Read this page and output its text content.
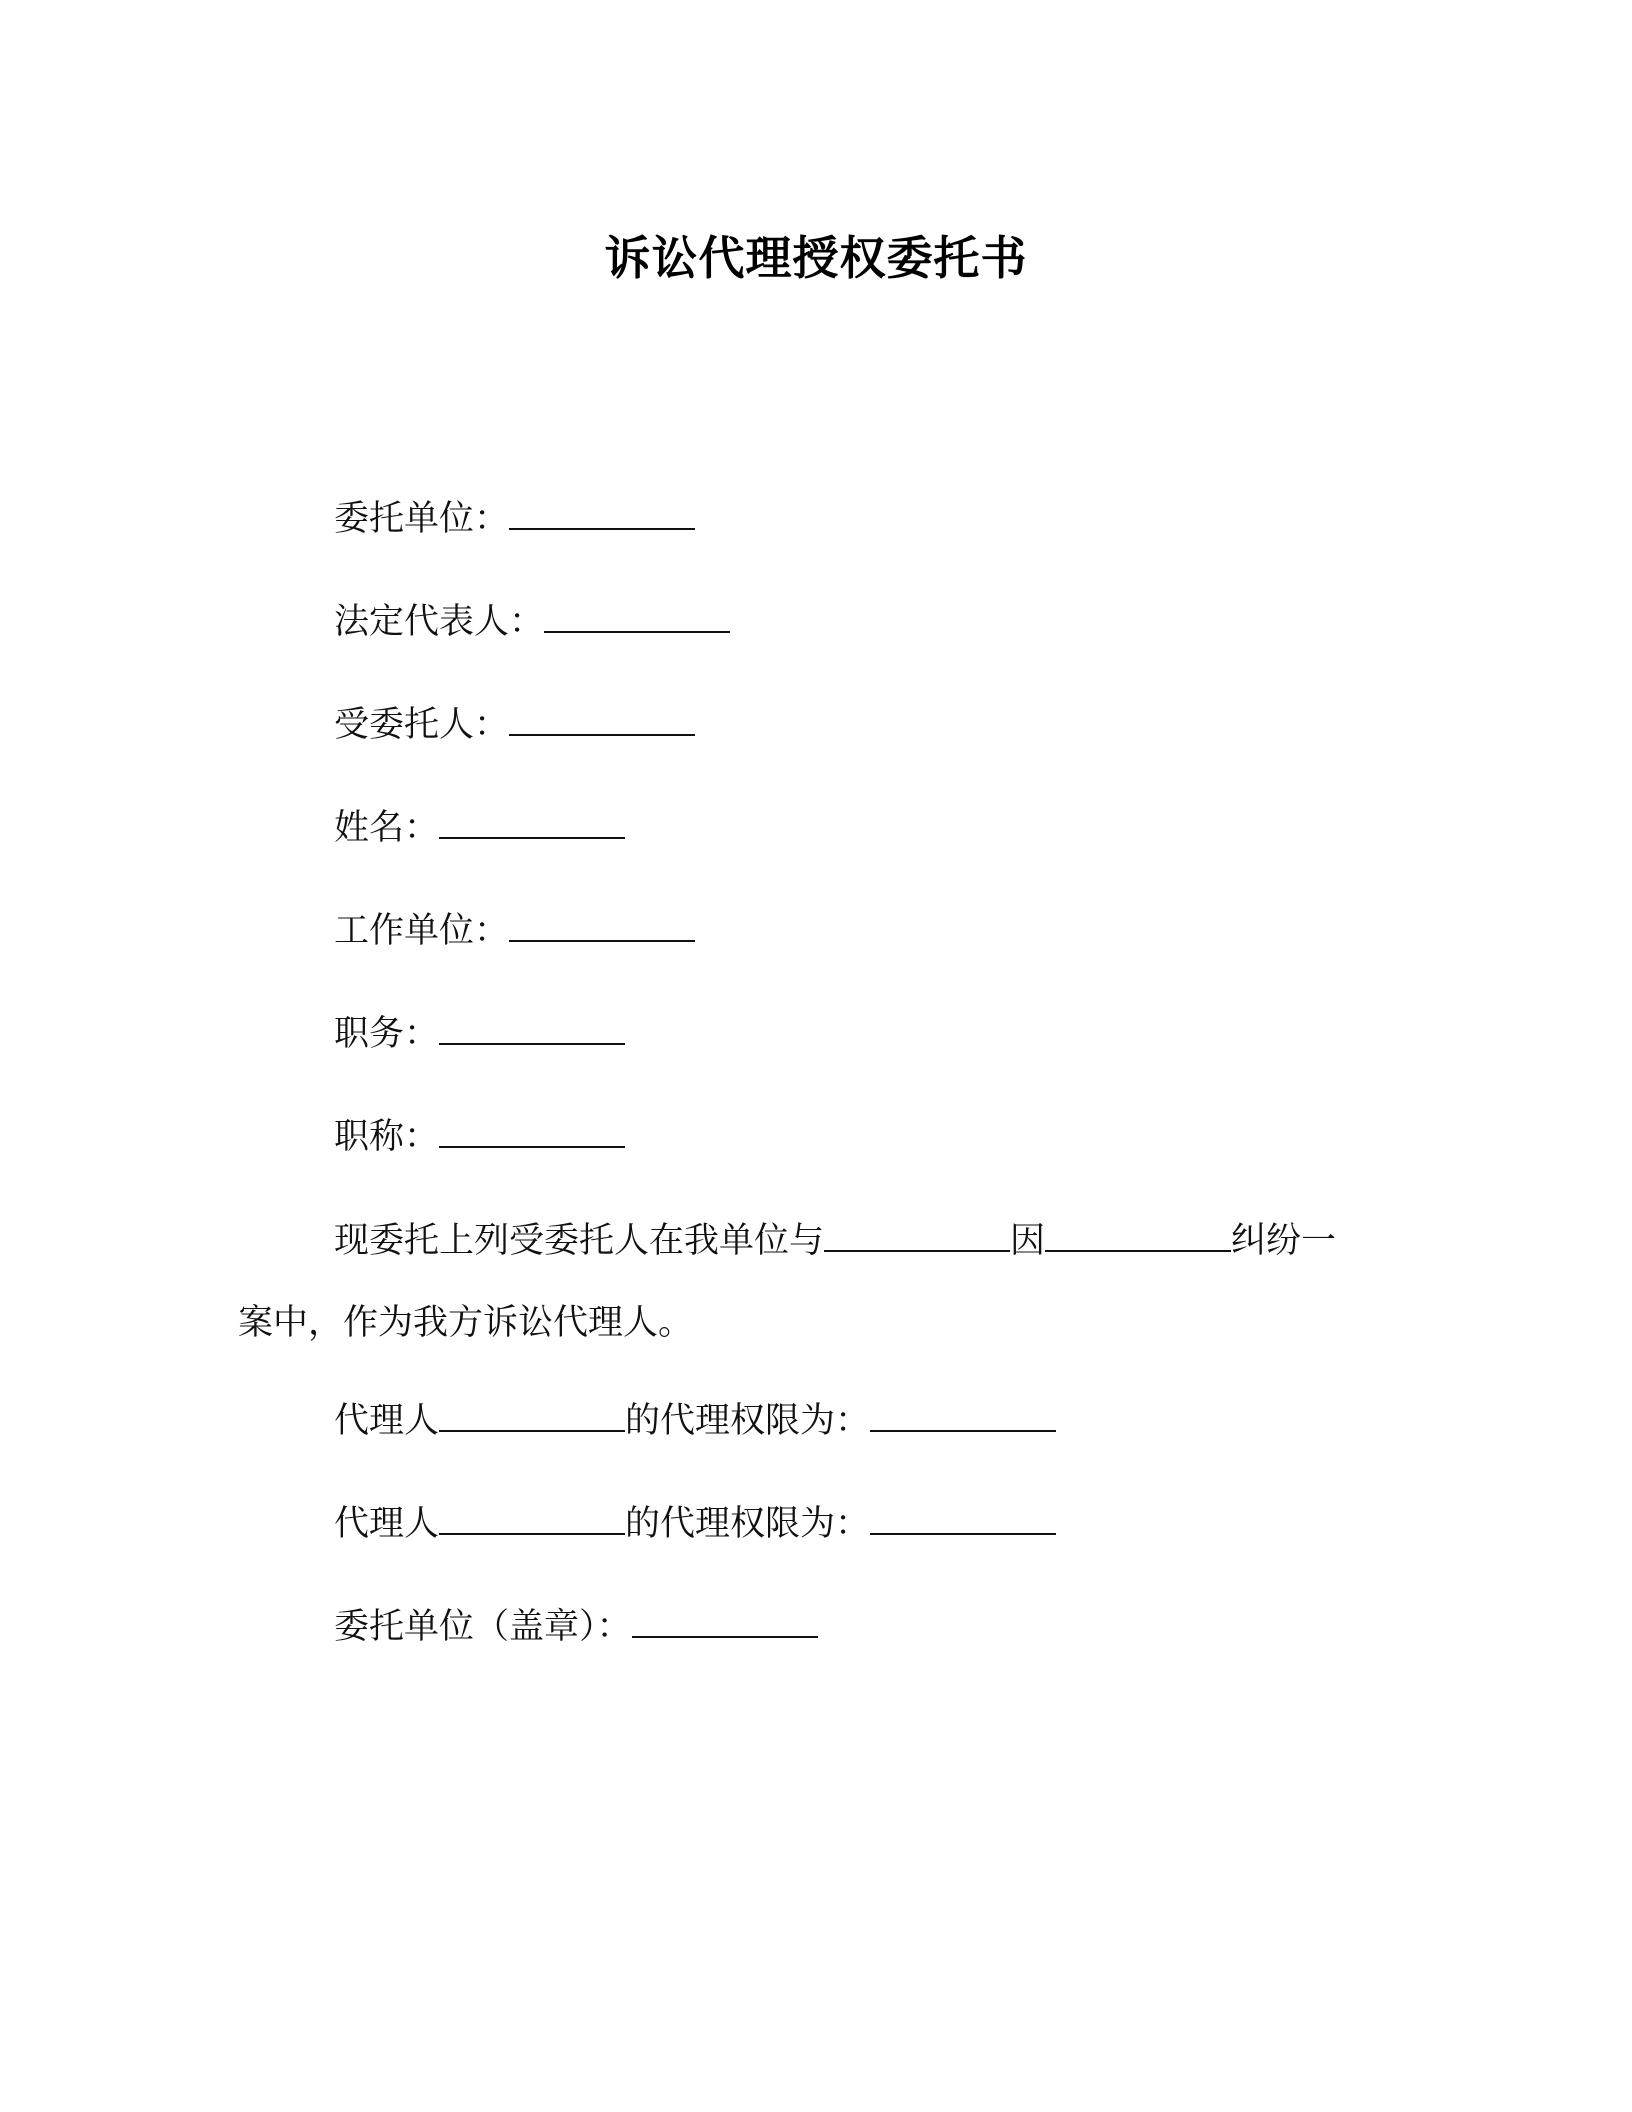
诉讼代理授权委托书
委托单位：
法定代表人：
受委托人：
姓名：
工作单位：
职务：
职称：
现委托上列受委托人在我单位与	因	纠纷一
案中，作为我方诉讼代理人。
代理人	的代理权限为：
代理人	的代理权限为：
委托单位（盖章）：
